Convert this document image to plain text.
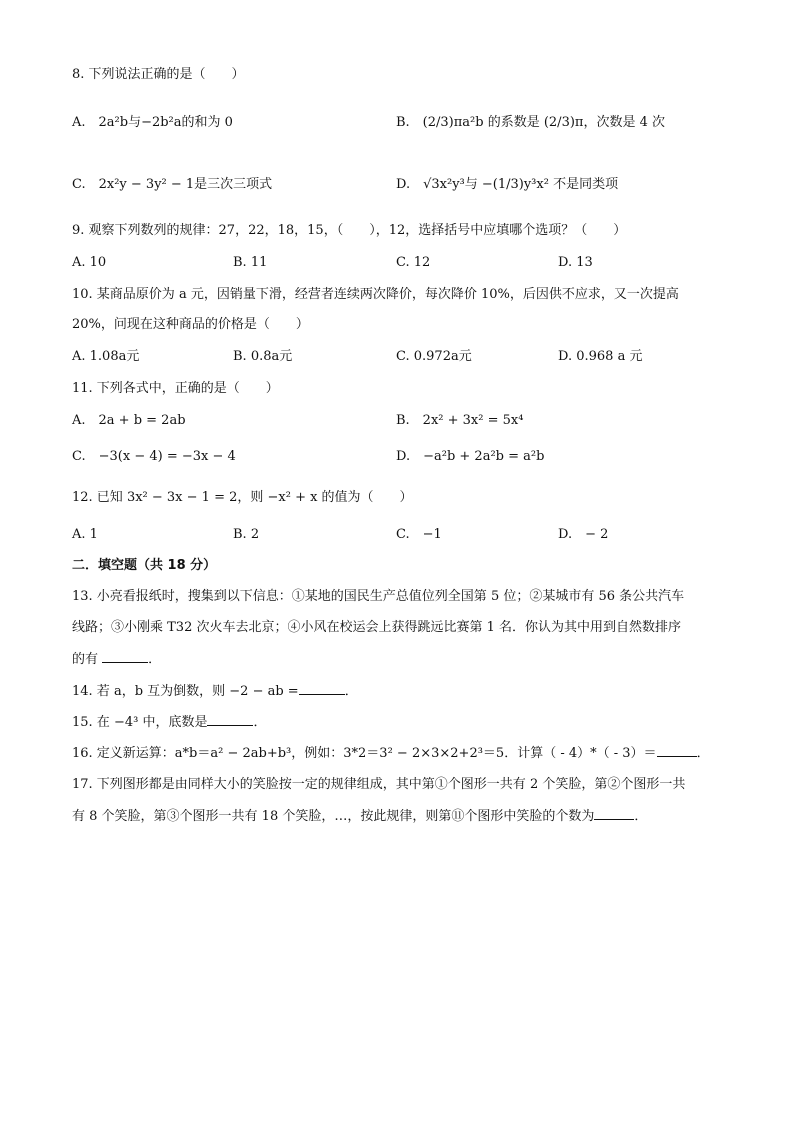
8. 下列说法正确的是（　　）
A.　2a²b与−2b²a的和为 0	B.　(2/3)πa²b 的系数是 (2/3)π，次数是 4 次
C.　2x²y − 3y² − 1是三次三项式	D.　√3x²y³与 −(1/3)y³x² 不是同类项
9. 观察下列数列的规律：27，22，18，15，（　　），12，选择括号中应填哪个选项？（　　）
A. 10	B. 11	C. 12	D. 13
10. 某商品原价为 a 元，因销量下滑，经营者连续两次降价，每次降价 10%，后因供不应求，又一次提高
20%，问现在这种商品的价格是（　　）
A. 1.08a元	B. 0.8a元	C. 0.972a元	D. 0.968 a 元
11. 下列各式中，正确的是（　　）
A.　2a + b = 2ab	B.　2x² + 3x² = 5x⁴
C.　−3(x − 4) = −3x − 4	D.　−a²b + 2a²b = a²b
12. 已知 3x² − 3x − 1 = 2，则 −x² + x 的值为（　　）
A. 1	B. 2	C.　−1	D.　− 2
二．填空题（共 18 分）
13. 小亮看报纸时，搜集到以下信息：①某地的国民生产总值位列全国第 5 位；②某城市有 56 条公共汽车
线路；③小刚乘 T32 次火车去北京；④小风在校运会上获得跳远比赛第 1 名．你认为其中用到自然数排序
的有	．
14. 若 a，b 互为倒数，则 −2 − ab =	．
15. 在 −4³ 中，底数是	．
16. 定义新运算：a*b＝a² − 2ab+b³，例如：3*2＝3² − 2×3×2+2³＝5．计算（ - 4）*（ - 3）＝	．
17. 下列图形都是由同样大小的笑脸按一定的规律组成，其中第①个图形一共有 2 个笑脸，第②个图形一共
有 8 个笑脸，第③个图形一共有 18 个笑脸，…，按此规律，则第⑪个图形中笑脸的个数为	．
